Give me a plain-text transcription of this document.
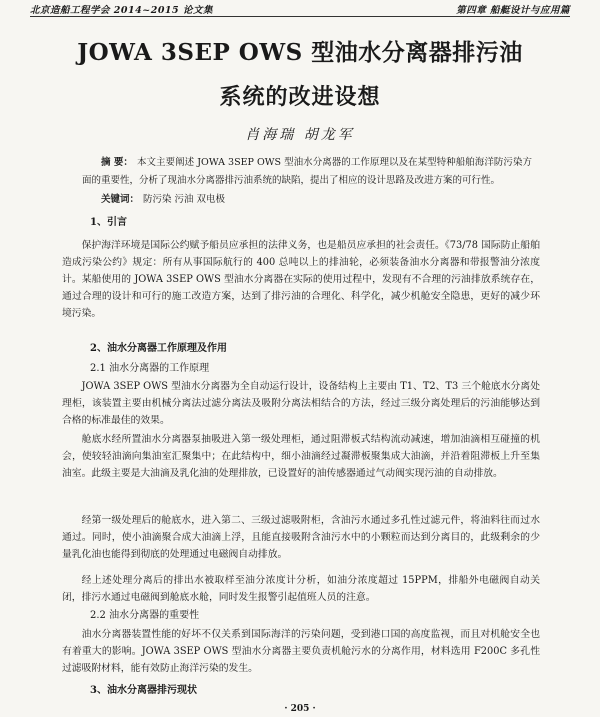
北京造船工程学会 2014~2015 论文集	第四章 船艇设计与应用篇
JOWA 3SEP OWS 型油水分离器排污油
系统的改进设想
肖海瑞 胡龙军
摘 要： 本文主要阐述 JOWA 3SEP OWS 型油水分离器的工作原理以及在某型特种船舶海洋防污染方面的重要性，分析了现油水分离器排污油系统的缺陷，提出了相应的设计思路及改进方案的可行性。
关键词： 防污染 污油 双电极
1、引言
保护海洋环境是国际公约赋予船员应承担的法律义务，也是船员应承担的社会责任。《73/78 国际防止船舶造成污染公约》规定：所有从事国际航行的 400 总吨以上的排油轮，必须装备油水分离器和带报警油分浓度计。某船使用的 JOWA 3SEP OWS 型油水分离器在实际的使用过程中，发现有不合理的污油排放系统存在，通过合理的设计和可行的施工改造方案，达到了排污油的合理化、科学化，减少机舱安全隐患，更好的减少环境污染。
2、油水分离器工作原理及作用
2.1 油水分离器的工作原理
JOWA 3SEP OWS 型油水分离器为全自动运行设计，设备结构上主要由 T1、T2、T3 三个舱底水分离处理柜，该装置主要由机械分离法过滤分离法及吸附分离法相结合的方法，经过三级分离处理后的污油能够达到合格的标准最佳的效果。
舱底水经所置油水分离器泵抽吸进入第一级处理柜，通过阻滞板式结构流动减速，增加油滴相互碰撞的机会，使较轻油滴向集油室汇聚集中；在此结构中，细小油滴经过凝滞板聚集成大油滴，并沿着阻滞板上升至集油室。此级主要是大油滴及乳化油的处理排放，已设置好的油传感器通过气动阀实现污油的自动排放。
经第一级处理后的舱底水，进入第二、三级过滤吸附柜，含油污水通过多孔性过滤元件，将油料往而过水通过。同时，使小油滴聚合成大油滴上浮，且能直接吸附含油污水中的小颗粒而达到分离目的，此级剩余的少量乳化油也能得到彻底的处理通过电磁阀自动排放。
经上述处理分离后的排出水被取样至油分浓度计分析，如油分浓度超过 15PPM，排船外电磁阀自动关闭，排污水通过电磁阀到舱底水舱，同时发生报警引起值班人员的注意。
2.2 油水分离器的重要性
油水分离器装置性能的好坏不仅关系到国际海洋的污染问题，受到港口国的高度监视，而且对机舱安全也有着重大的影响。JOWA 3SEP OWS 型油水分离器主要负责机舱污水的分离作用，材料选用 F200C 多孔性过滤吸附材料，能有效防止海洋污染的发生。
3、油水分离器排污现状
· 205 ·
